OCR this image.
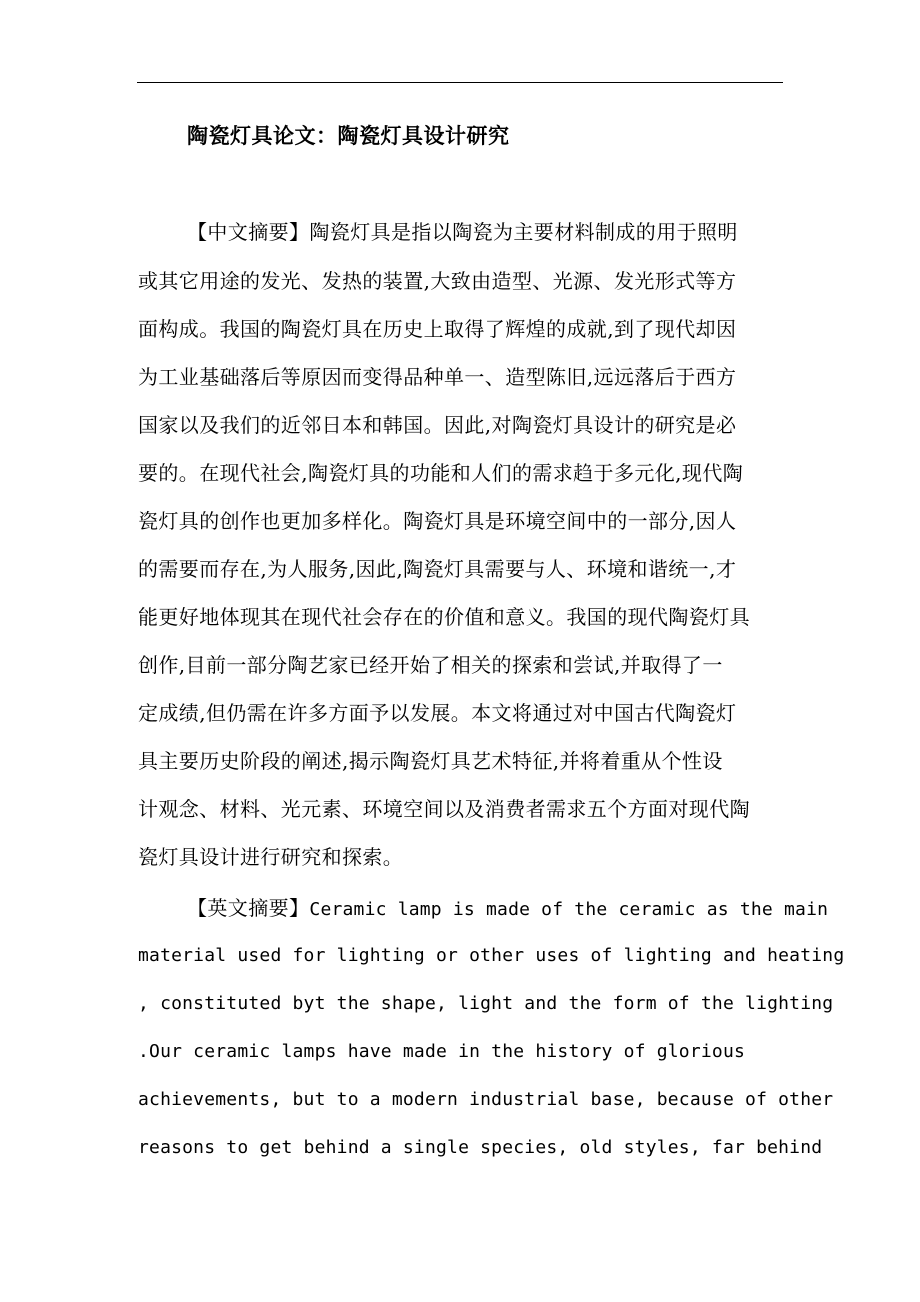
陶瓷灯具论文：陶瓷灯具设计研究
【中文摘要】陶瓷灯具是指以陶瓷为主要材料制成的用于照明
或其它用途的发光、发热的装置,大致由造型、光源、发光形式等方
面构成。我国的陶瓷灯具在历史上取得了辉煌的成就,到了现代却因
为工业基础落后等原因而变得品种单一、造型陈旧,远远落后于西方
国家以及我们的近邻日本和韩国。因此,对陶瓷灯具设计的研究是必
要的。在现代社会,陶瓷灯具的功能和人们的需求趋于多元化,现代陶
瓷灯具的创作也更加多样化。陶瓷灯具是环境空间中的一部分,因人
的需要而存在,为人服务,因此,陶瓷灯具需要与人、环境和谐统一,才
能更好地体现其在现代社会存在的价值和意义。我国的现代陶瓷灯具
创作,目前一部分陶艺家已经开始了相关的探索和尝试,并取得了一
定成绩,但仍需在许多方面予以发展。本文将通过对中国古代陶瓷灯
具主要历史阶段的阐述,揭示陶瓷灯具艺术特征,并将着重从个性设
计观念、材料、光元素、环境空间以及消费者需求五个方面对现代陶
瓷灯具设计进行研究和探索。
【英文摘要】Ceramic lamp is made of the ceramic as the main
material used for lighting or other uses of lighting and heating
, constituted byt the shape, light and the form of the lighting
.Our ceramic lamps have made in the history of glorious
achievements, but to a modern industrial base, because of other
reasons to get behind a single species, old styles, far behind
